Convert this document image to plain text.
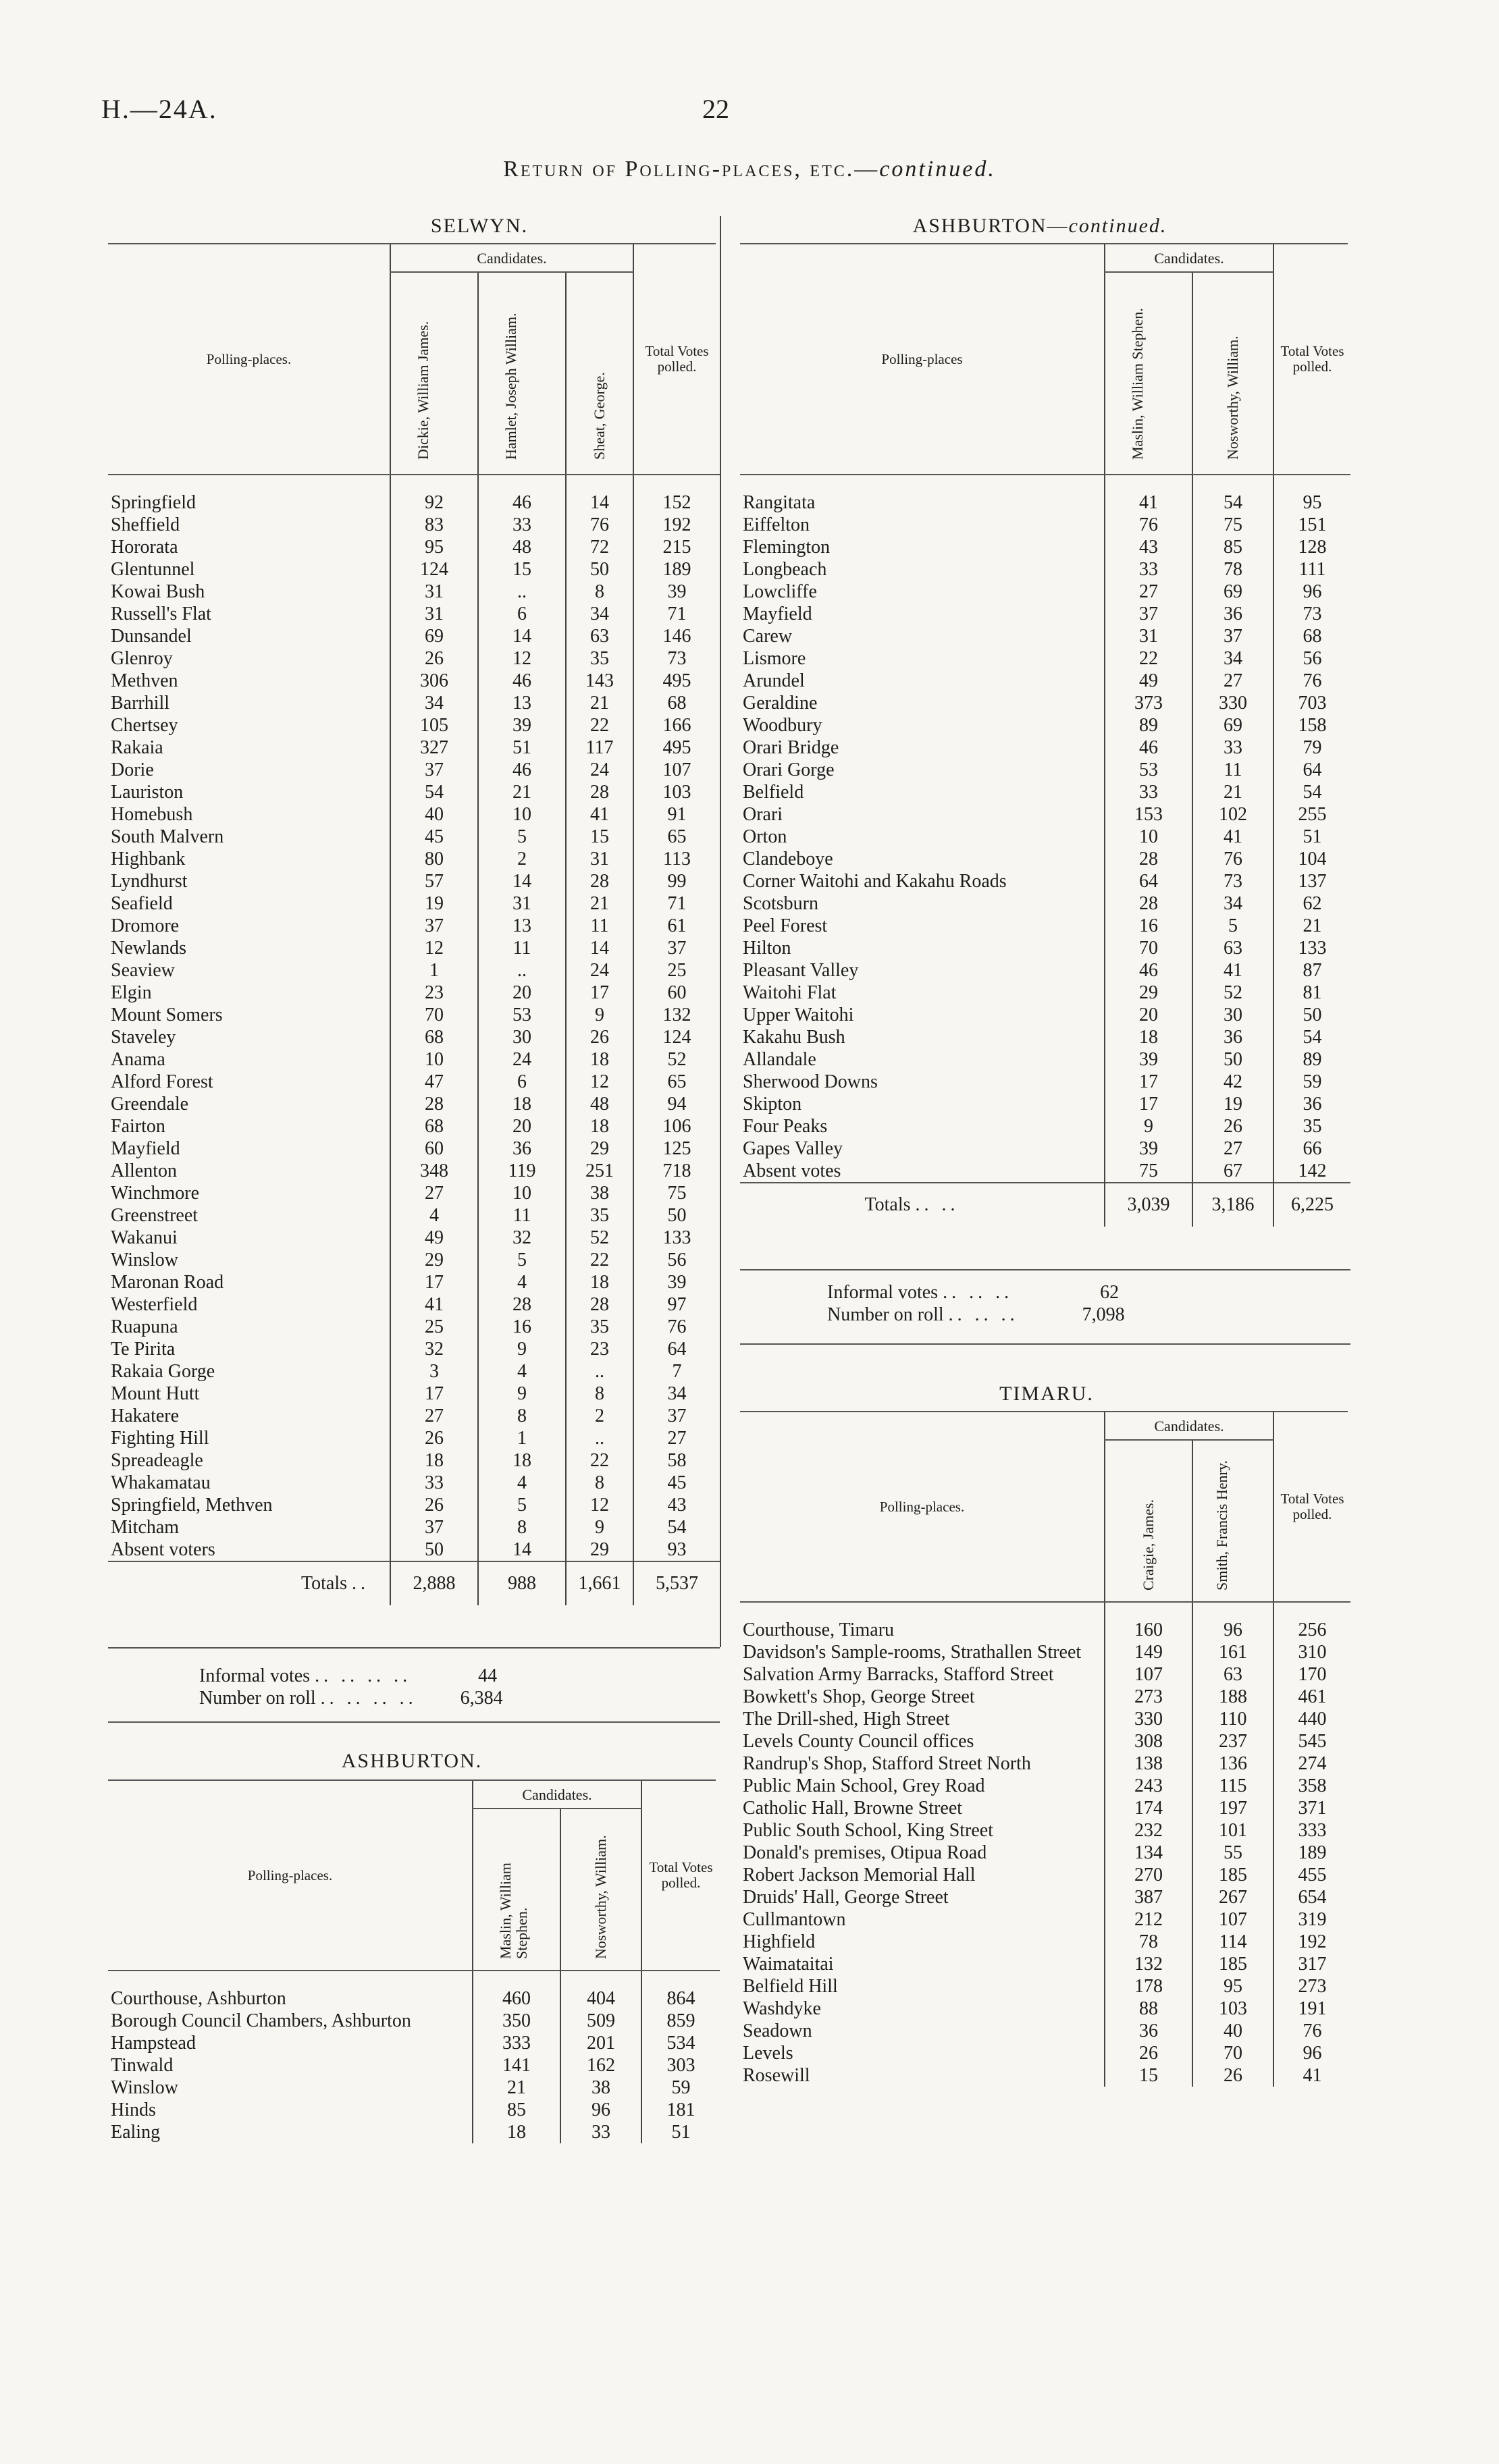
H.—24A.	22
Return of Polling-places, etc.—continued.
SELWYN.
Polling-places.	Candidates.			Total Votes polled.
	Dickie, William James.	Hamlet, Joseph William.	Sheat, George.	

Springfield	92	46	14	152
Sheffield	83	33	76	192
Hororata	95	48	72	215
Glentunnel	124	15	50	189
Kowai Bush	31	..	8	39
Russell's Flat	31	6	34	71
Dunsandel	69	14	63	146
Glenroy	26	12	35	73
Methven	306	46	143	495
Barrhill	34	13	21	68
Chertsey	105	39	22	166
Rakaia	327	51	117	495
Dorie	37	46	24	107
Lauriston	54	21	28	103
Homebush	40	10	41	91
South Malvern	45	5	15	65
Highbank	80	2	31	113
Lyndhurst	57	14	28	99
Seafield	19	31	21	71
Dromore	37	13	11	61
Newlands	12	11	14	37
Seaview	1	..	24	25
Elgin	23	20	17	60
Mount Somers	70	53	9	132
Staveley	68	30	26	124
Anama	10	24	18	52
Alford Forest	47	6	12	65
Greendale	28	18	48	94
Fairton	68	20	18	106
Mayfield	60	36	29	125
Allenton	348	119	251	718
Winchmore	27	10	38	75
Greenstreet	4	11	35	50
Wakanui	49	32	52	133
Winslow	29	5	22	56
Maronan Road	17	4	18	39
Westerfield	41	28	28	97
Ruapuna	25	16	35	76
Te Pirita	32	9	23	64
Rakaia Gorge	3	4	..	7
Mount Hutt	17	9	8	34
Hakatere	27	8	2	37
Fighting Hill	26	1	..	27
Spreadeagle	18	18	22	58
Whakamatau	33	4	8	45
Springfield, Methven	26	5	12	43
Mitcham	37	8	9	54
Absent voters	50	14	29	93
Totals ..	2,888	988	1,661	5,537
Informal votes .. .. .. ..	44
Number on roll .. .. .. .. 6,384
ASHBURTON.
Polling-places.	Candidates.		Total Votes polled.
	Maslin, William Stephen.	Nosworthy, William.	

Courthouse, Ashburton	460	404	864
Borough Council Chambers, Ashburton	350	509	859
Hampstead	333	201	534
Tinwald	141	162	303
Winslow	21	38	59
Hinds	85	96	181
Ealing	18	33	51
ASHBURTON—continued.
Polling-places	Candidates.		Total Votes polled.
	Maslin, William Stephen.	Nosworthy, William.	

Rangitata	41	54	95
Eiffelton	76	75	151
Flemington	43	85	128
Longbeach	33	78	111
Lowcliffe	27	69	96
Mayfield	37	36	73
Carew	31	37	68
Lismore	22	34	56
Arundel	49	27	76
Geraldine	373	330	703
Woodbury	89	69	158
Orari Bridge	46	33	79
Orari Gorge	53	11	64
Belfield	33	21	54
Orari	153	102	255
Orton	10	41	51
Clandeboye	28	76	104
Corner Waitohi and Kakahu Roads	64	73	137
Scotsburn	28	34	62
Peel Forest	16	5	21
Hilton	70	63	133
Pleasant Valley	46	41	87
Waitohi Flat	29	52	81
Upper Waitohi	20	30	50
Kakahu Bush	18	36	54
Allandale	39	50	89
Sherwood Downs	17	42	59
Skipton	17	19	36
Four Peaks	9	26	35
Gapes Valley	39	27	66
Absent votes	75	67	142
Totals .. ..	3,039	3,186	6,225
Informal votes .. .. ..	62
Number on roll .. .. ..	7,098
TIMARU.
Polling-places.	Candidates.		Total Votes polled.
	Craigie, James.	Smith, Francis Henry.	

Courthouse, Timaru	160	96	256
Davidson's Sample-rooms, Strathallen Street	149	161	310
Salvation Army Barracks, Stafford Street	107	63	170
Bowkett's Shop, George Street	273	188	461
The Drill-shed, High Street	330	110	440
Levels County Council offices	308	237	545
Randrup's Shop, Stafford Street North	138	136	274
Public Main School, Grey Road	243	115	358
Catholic Hall, Browne Street	174	197	371
Public South School, King Street	232	101	333
Donald's premises, Otipua Road	134	55	189
Robert Jackson Memorial Hall	270	185	455
Druids' Hall, George Street	387	267	654
Cullmantown	212	107	319
Highfield	78	114	192
Waimataitai	132	185	317
Belfield Hill	178	95	273
Washdyke	88	103	191
Seadown	36	40	76
Levels	26	70	96
Rosewill	15	26	41
